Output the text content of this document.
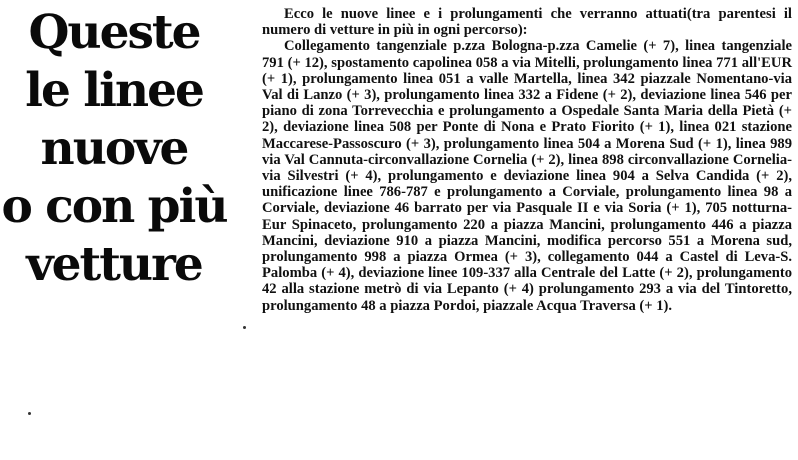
Queste
le linee
nuove
o con più
vetture

Ecco le nuove linee e i prolungamenti che verranno attuati(tra parentesi il numero di vetture in più in ogni percorso):

Collegamento tangenziale p.zza Bologna-p.zza Camelie (+ 7), linea tangenziale 791 (+ 12), spostamento capolinea 058 a via Mitelli, prolungamento linea 771 all'EUR (+ 1), prolungamento linea 051 a valle Martella, linea 342 piazzale Nomentano-via Val di Lanzo (+ 3), prolungamento linea 332 a Fidene (+ 2), deviazione linea 546 per piano di zona Torrevecchia e prolungamento a Ospedale Santa Maria della Pietà (+ 2), deviazione linea 508 per Ponte di Nona e Prato Fiorito (+ 1), linea 021 stazione Maccarese-Passoscuro (+ 3), prolungamento linea 504 a Morena Sud (+ 1), linea 989 via Val Cannuta-circonvallazione Cornelia (+ 2), linea 898 circonvallazione Cornelia-via Silvestri (+ 4), prolungamento e deviazione linea 904 a Selva Candida (+ 2), unificazione linee 786-787 e prolungamento a Corviale, prolungamento linea 98 a Corviale, deviazione 46 barrato per via Pasquale II e via Soria (+ 1), 705 notturna-Eur Spinaceto, prolungamento 220 a piazza Mancini, prolungamento 446 a piazza Mancini, deviazione 910 a piazza Mancini, modifica percorso 551 a Morena sud, prolungamento 998 a piazza Ormea (+ 3), collegamento 044 a Castel di Leva-S. Palomba (+ 4), deviazione linee 109-337 alla Centrale del Latte (+ 2), prolungamento 42 alla stazione metrò di via Lepanto (+ 4) prolungamento 293 a via del Tintoretto, prolungamento 48 a piazza Pordoi, piazzale Acqua Traversa (+ 1).
